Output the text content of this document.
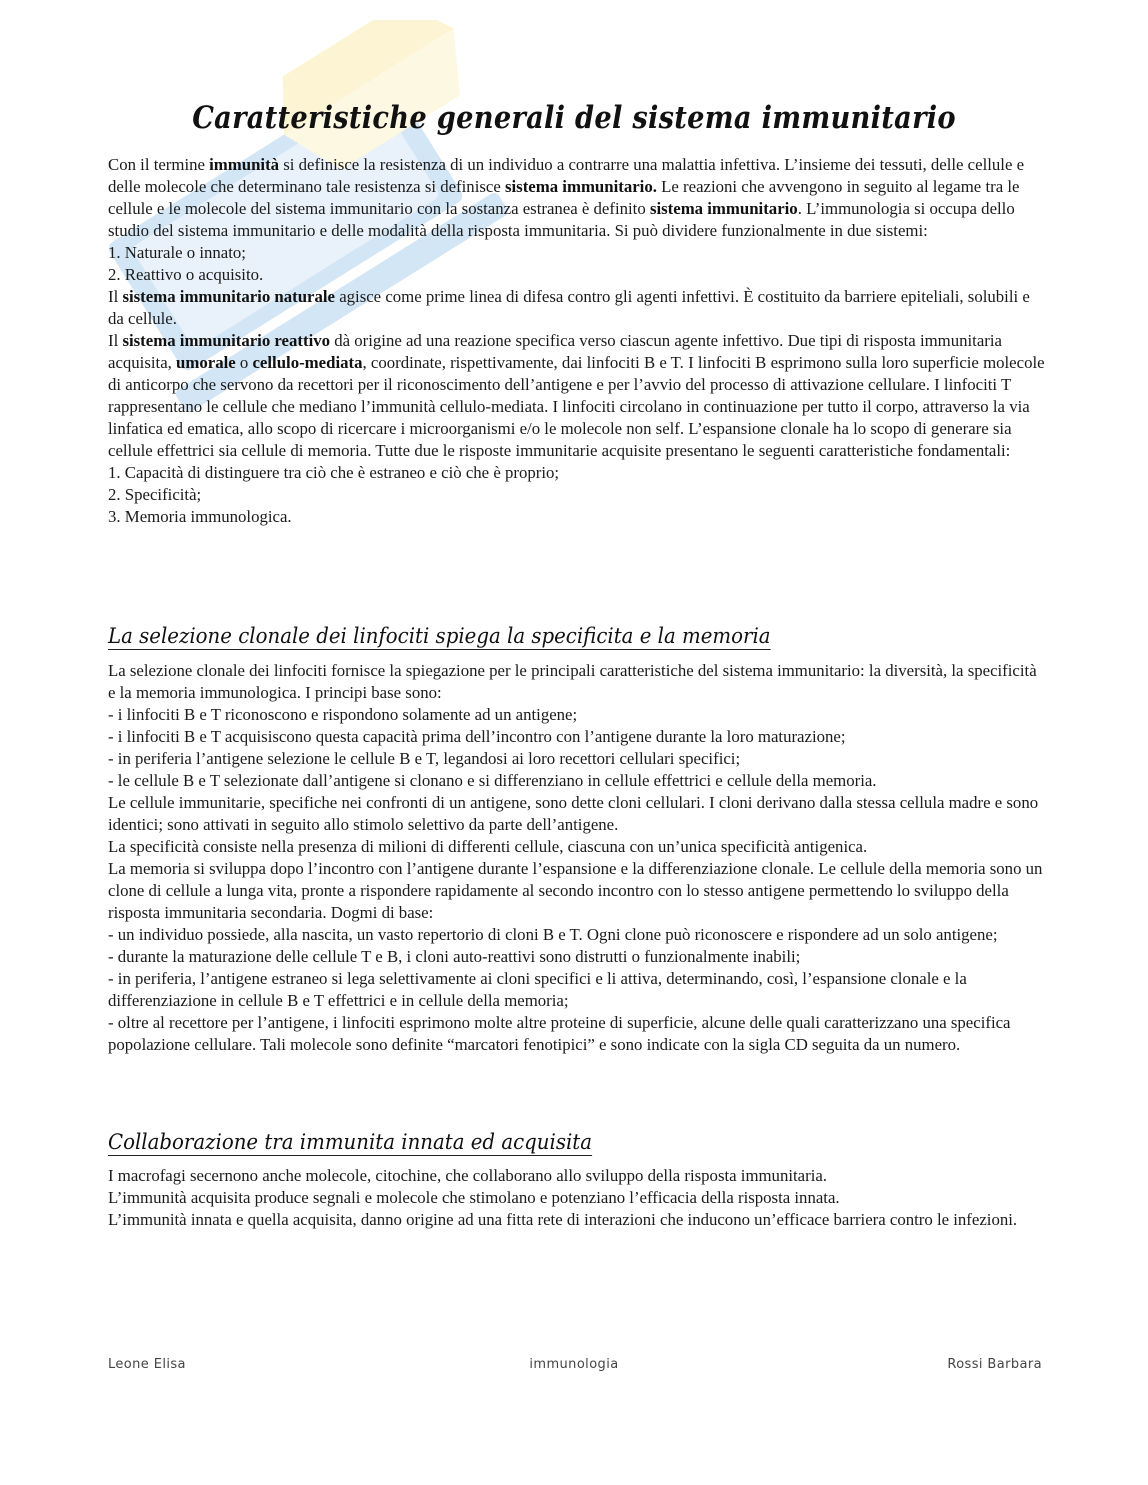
Caratteristiche generali del sistema immunitario

Con il termine immunità si definisce la resistenza di un individuo a contrarre una malattia infettiva. L’insieme dei tessuti, delle cellule e delle molecole che determinano tale resistenza si definisce sistema immunitario. Le reazioni che avvengono in seguito al legame tra le cellule e le molecole del sistema immunitario con la sostanza estranea è definito sistema immunitario. L’immunologia si occupa dello studio del sistema immunitario e delle modalità della risposta immunitaria. Si può dividere funzionalmente in due sistemi:

1. Naturale o innato;

2. Reattivo o acquisito.

Il sistema immunitario naturale agisce come prime linea di difesa contro gli agenti infettivi. È costituito da barriere epiteliali, solubili e da cellule.

Il sistema immunitario reattivo dà origine ad una reazione specifica verso ciascun agente infettivo. Due tipi di risposta immunitaria acquisita, umorale o cellulo-mediata, coordinate, rispettivamente, dai linfociti B e T. I linfociti B esprimono sulla loro superficie molecole di anticorpo che servono da recettori per il riconoscimento dell’antigene e per l’avvio del processo di attivazione cellulare. I linfociti T rappresentano le cellule che mediano l’immunità cellulo-mediata. I linfociti circolano in continuazione per tutto il corpo, attraverso la via linfatica ed ematica, allo scopo di ricercare i microorganismi e/o le molecole non self. L’espansione clonale ha lo scopo di generare sia cellule effettrici sia cellule di memoria. Tutte due le risposte immunitarie acquisite presentano le seguenti caratteristiche fondamentali:

1. Capacità di distinguere tra ciò che è estraneo e ciò che è proprio;

2. Specificità;

3. Memoria immunologica.

La selezione clonale dei linfociti spiega la specificita e la memoria

La selezione clonale dei linfociti fornisce la spiegazione per le principali caratteristiche del sistema immunitario: la diversità, la specificità e la memoria immunologica. I principi base sono:

- i linfociti B e T riconoscono e rispondono solamente ad un antigene;

- i linfociti B e T acquisiscono questa capacità prima dell’incontro con l’antigene durante la loro maturazione;

- in periferia l’antigene selezione le cellule B e T, legandosi ai loro recettori cellulari specifici;

- le cellule B e T selezionate dall’antigene si clonano e si differenziano in cellule effettrici e cellule della memoria.

Le cellule immunitarie, specifiche nei confronti di un antigene, sono dette cloni cellulari. I cloni derivano dalla stessa cellula madre e sono identici; sono attivati in seguito allo stimolo selettivo da parte dell’antigene.

La specificità consiste nella presenza di milioni di differenti cellule, ciascuna con un’unica specificità antigenica.

La memoria si sviluppa dopo l’incontro con l’antigene durante l’espansione e la differenziazione clonale. Le cellule della memoria sono un clone di cellule a lunga vita, pronte a rispondere rapidamente al secondo incontro con lo stesso antigene permettendo lo sviluppo della risposta immunitaria secondaria. Dogmi di base:

- un individuo possiede, alla nascita, un vasto repertorio di cloni B e T. Ogni clone può riconoscere e rispondere ad un solo antigene;

- durante la maturazione delle cellule T e B, i cloni auto-reattivi sono distrutti o funzionalmente inabili;

- in periferia, l’antigene estraneo si lega selettivamente ai cloni specifici e li attiva, determinando, così, l’espansione clonale e la differenziazione in cellule B e T effettrici e in cellule della memoria;

- oltre al recettore per l’antigene, i linfociti esprimono molte altre proteine di superficie, alcune delle quali caratterizzano una specifica popolazione cellulare. Tali molecole sono definite “marcatori fenotipici” e sono indicate con la sigla CD seguita da un numero.

Collaborazione tra immunita innata ed acquisita

I macrofagi secernono anche molecole, citochine, che collaborano allo sviluppo della risposta immunitaria.

L’immunità acquisita produce segnali e molecole che stimolano e potenziano l’efficacia della risposta innata.

L’immunità innata e quella acquisita, danno origine ad una fitta rete di interazioni che inducono un’efficace barriera contro le infezioni.

Leone Elisa	immunologia	Rossi Barbara
